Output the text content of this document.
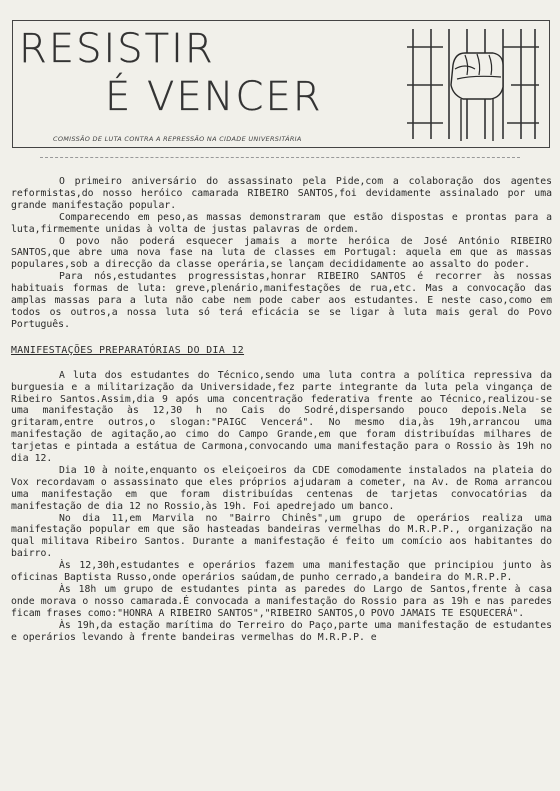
RESISTIR
É VENCER
COMISSÃO DE LUTA CONTRA A REPRESSÃO NA CIDADE UNIVERSITÁRIA

O primeiro aniversário do assassinato pela Pide,com a colaboração dos agentes reformistas,do nosso heróico camarada RIBEIRO SANTOS,foi devidamente assinalado por uma grande manifestação popular.

Comparecendo em peso,as massas demonstraram que estão dispostas e prontas para a luta,firmemente unidas à volta de justas palavras de ordem.

O povo não poderá esquecer jamais a morte heróica de José António RIBEIRO SANTOS,que abre uma nova fase na luta de classes em Portugal: aquela em que as massas populares,sob a direcção da classe operária,se lançam decididamente ao assalto do poder.

Para nós,estudantes progressistas,honrar RIBEIRO SANTOS é recorrer às nossas habituais formas de luta: greve,plenário,manifestações de rua,etc. Mas a convocação das amplas massas para a luta não cabe nem pode caber aos estudantes. E neste caso,como em todos os outros,a nossa luta só terá eficácia se se ligar à luta mais geral do Povo Português.

MANIFESTAÇÕES PREPARATÓRIAS DO DIA 12

A luta dos estudantes do Técnico,sendo uma luta contra a política repressiva da burguesia e a militarização da Universidade,fez parte integrante da luta pela vingança de Ribeiro Santos.Assim,dia 9 após uma concentração federativa frente ao Técnico,realizou-se uma manifestação às 12,30 h no Cais do Sodré,dispersando pouco depois.Nela se gritaram,entre outros,o slogan:"PAIGC Vencerá". No mesmo dia,às 19h,arrancou uma manifestação de agitação,ao cimo do Campo Grande,em que foram distribuídas milhares de tarjetas e pintada a estátua de Carmona,convocando uma manifestação para o Rossio às 19h no dia 12.

Dia 10 à noite,enquanto os eleiçoeiros da CDE comodamente instalados na plateia do Vox recordavam o assassinato que eles próprios ajudaram a cometer, na Av. de Roma arrancou uma manifestação em que foram distribuídas centenas de tarjetas convocatórias da manifestação de dia 12 no Rossio,às 19h. Foi apedrejado um banco.

No dia 11,em Marvila no "Bairro Chinês",um grupo de operários realiza uma manifestação popular em que são hasteadas bandeiras vermelhas do M.R.P.P., organização na qual militava Ribeiro Santos. Durante a manifestação é feito um comício aos habitantes do bairro.

Às 12,30h,estudantes e operários fazem uma manifestação que principiou junto às oficinas Baptista Russo,onde operários saúdam,de punho cerrado,a bandeira do M.R.P.P.

Às 18h um grupo de estudantes pinta as paredes do Largo de Santos,frente à casa onde morava o nosso camarada.É convocada a manifestação do Rossio para as 19h e nas paredes ficam frases como:"HONRA A RIBEIRO SANTOS","RIBEIRO SANTOS,O POVO JAMAIS TE ESQUECERÁ".

Às 19h,da estação marítima do Terreiro do Paço,parte uma manifestação de estudantes e operários levando à frente bandeiras vermelhas do M.R.P.P. e
